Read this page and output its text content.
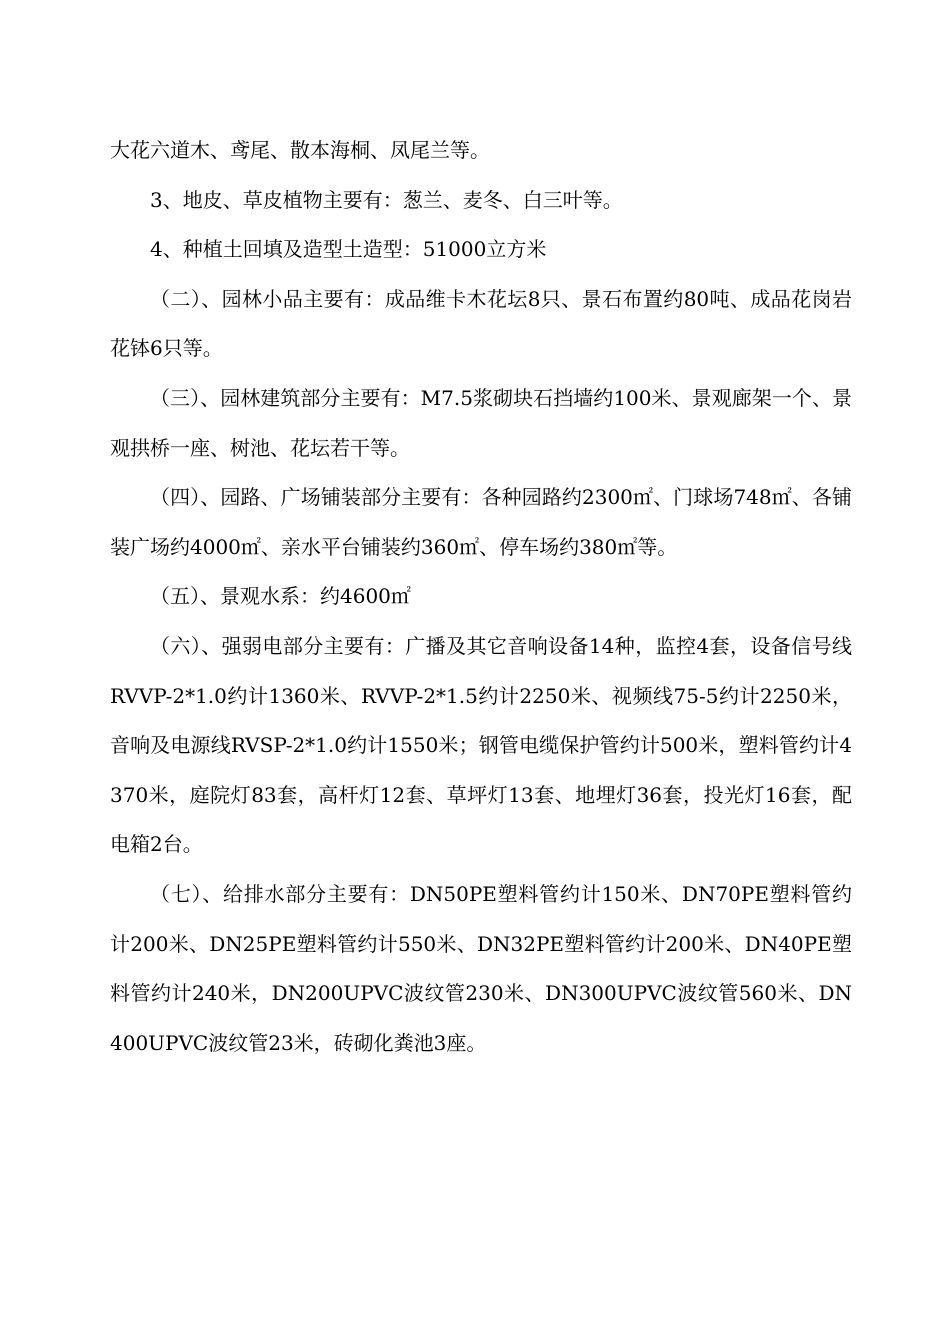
大花六道木、鸢尾、散本海桐、凤尾兰等。

3、地皮、草皮植物主要有：葱兰、麦冬、白三叶等。

4、种植土回填及造型土造型：51000立方米

（二）、园林小品主要有：成品维卡木花坛8只、景石布置约80吨、成品花岗岩花钵6只等。

（三）、园林建筑部分主要有：M7.5浆砌块石挡墙约100米、景观廊架一个、景观拱桥一座、树池、花坛若干等。

（四）、园路、广场铺装部分主要有：各种园路约2300㎡、门球场748㎡、各铺装广场约4000㎡、亲水平台铺装约360㎡、停车场约380㎡等。

（五）、景观水系：约4600㎡

（六）、强弱电部分主要有：广播及其它音响设备14种，监控4套，设备信号线RVVP-2*1.0约计1360米、RVVP-2*1.5约计2250米、视频线75-5约计2250米，音响及电源线RVSP-2*1.0约计1550米；钢管电缆保护管约计500米，塑料管约计4370米，庭院灯83套，高杆灯12套、草坪灯13套、地埋灯36套，投光灯16套，配电箱2台。

（七）、给排水部分主要有：DN50PE塑料管约计150米、DN70PE塑料管约计200米、DN25PE塑料管约计550米、DN32PE塑料管约计200米、DN40PE塑料管约计240米，DN200UPVC波纹管230米、DN300UPVC波纹管560米、DN400UPVC波纹管23米，砖砌化粪池3座。
